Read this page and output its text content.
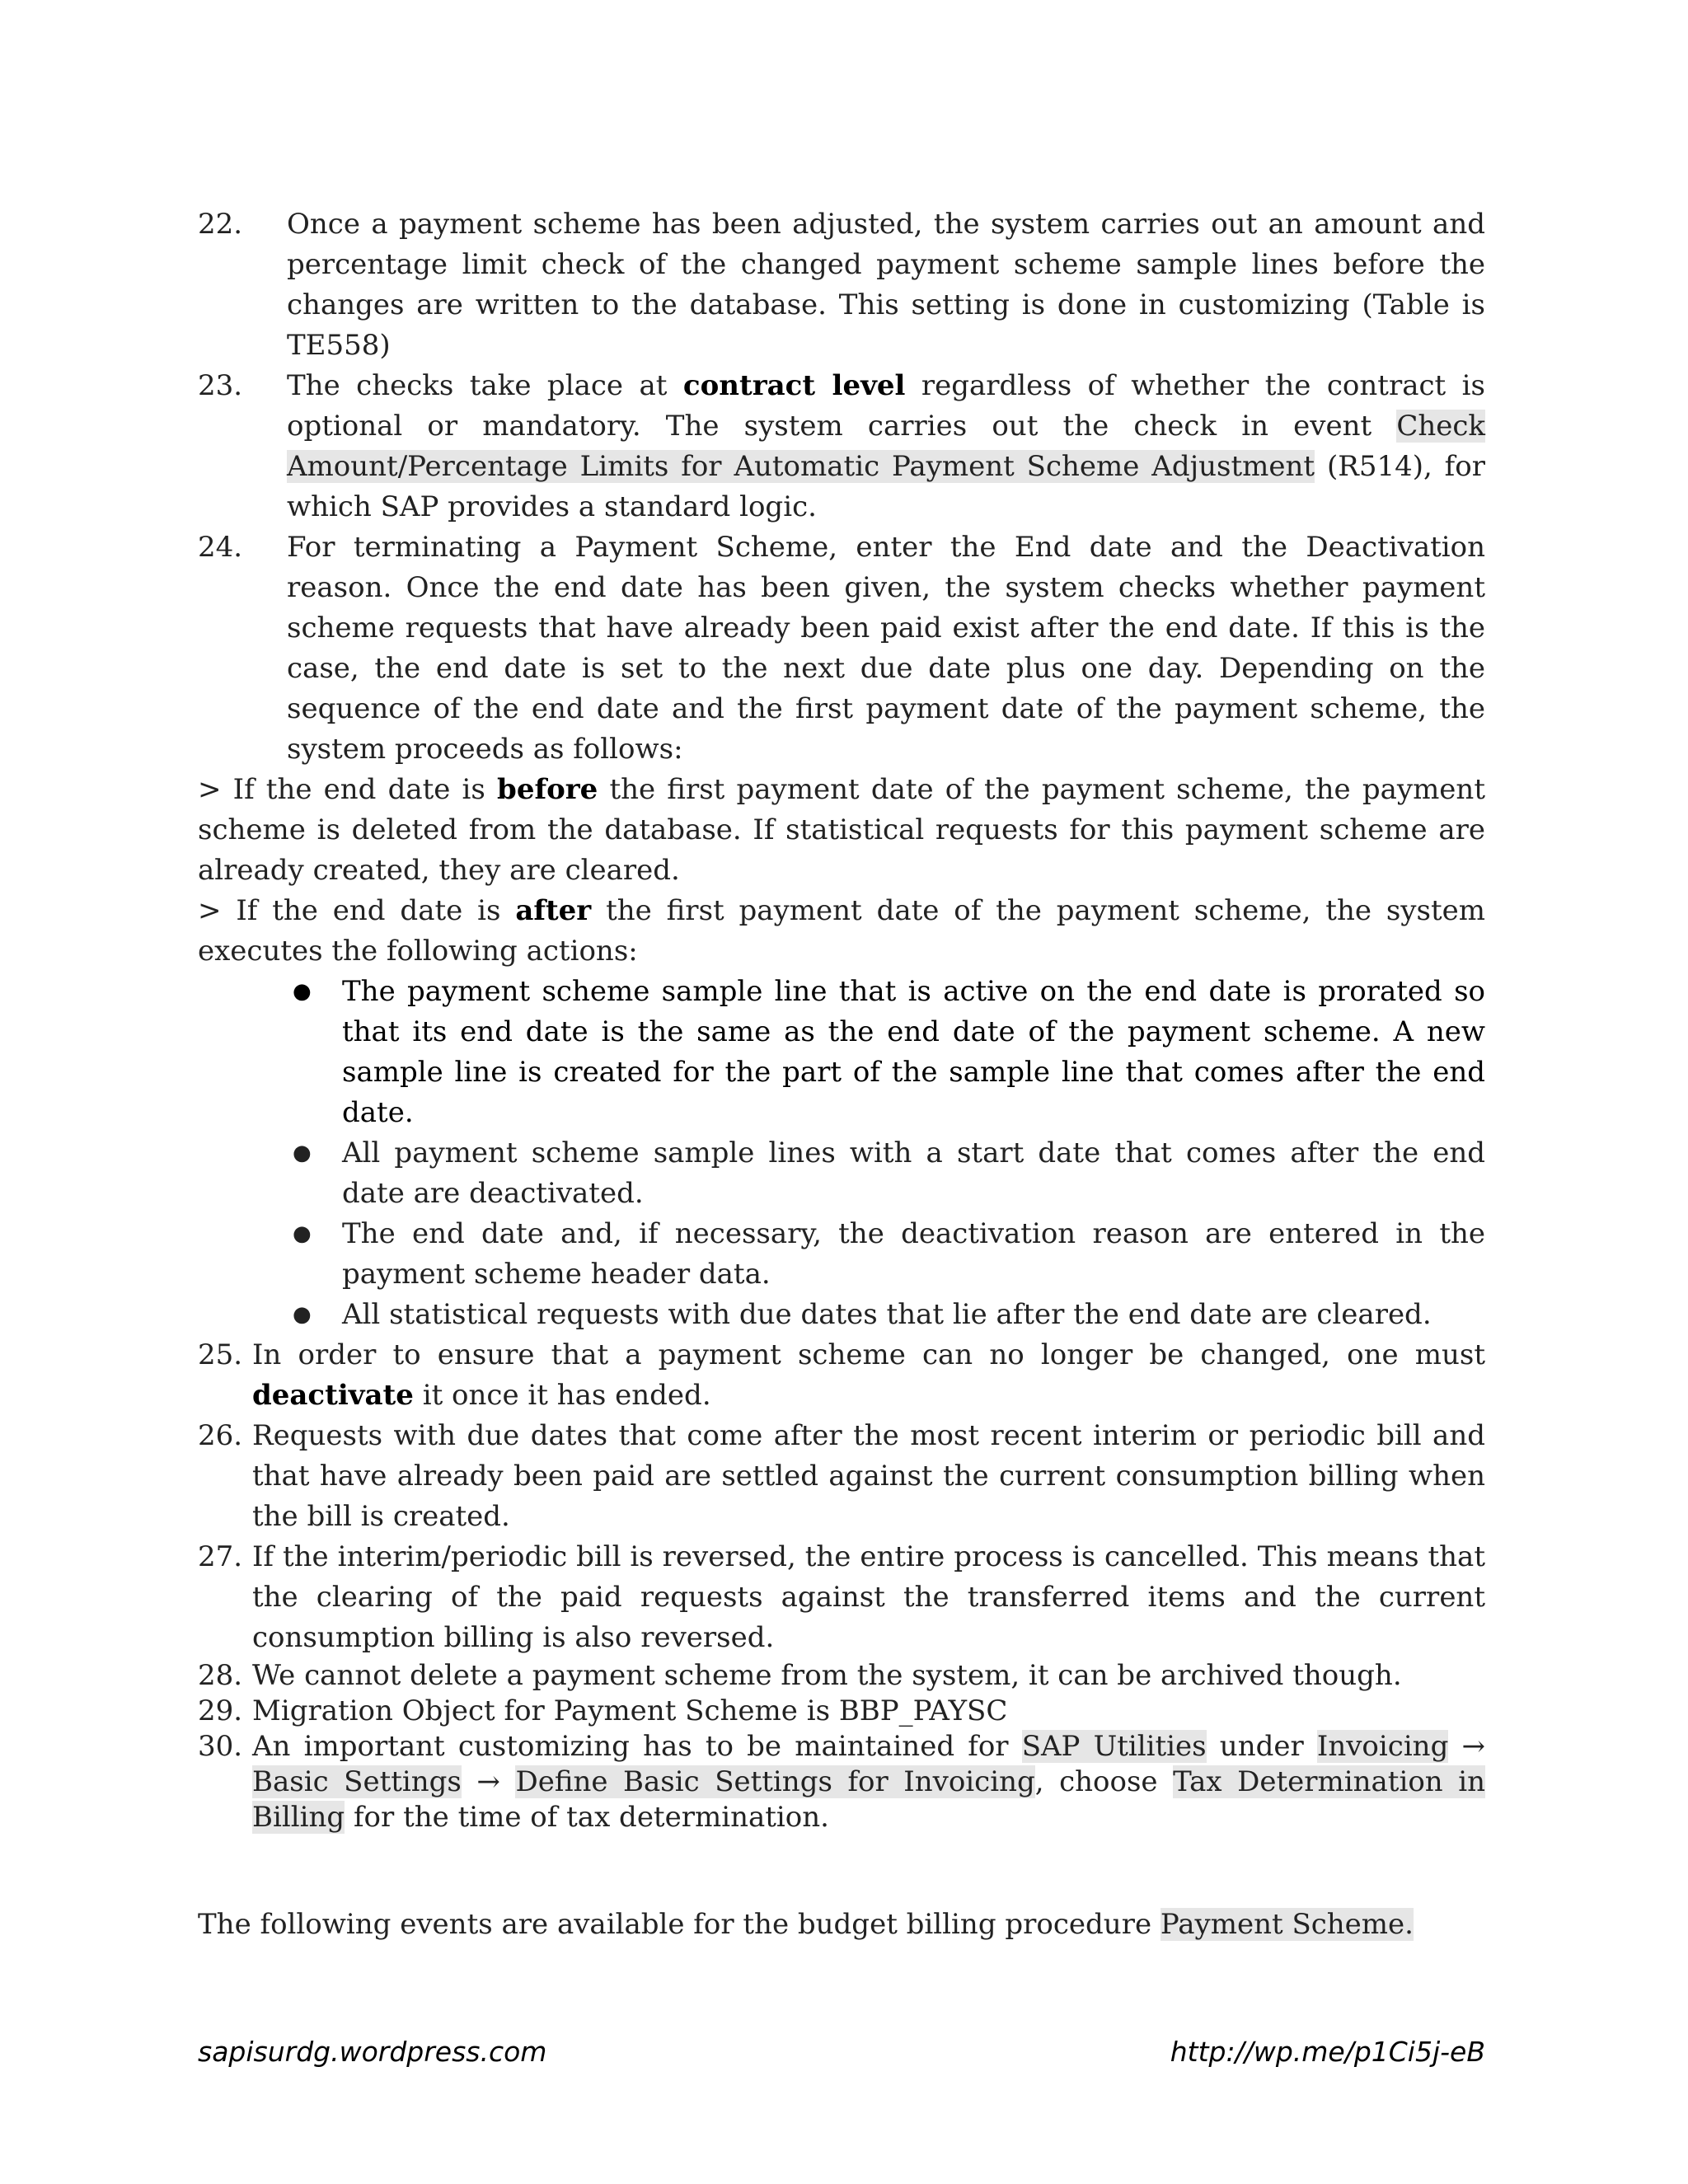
22.	Once a payment scheme has been adjusted, the system carries out an amount and percentage limit check of the changed payment scheme sample lines before the changes are written to the database. This setting is done in customizing (Table is TE558)
23.	The checks take place at contract level regardless of whether the contract is optional or mandatory. The system carries out the check in event Check Amount/Percentage Limits for Automatic Payment Scheme Adjustment (R514), for which SAP provides a standard logic.
24.	For terminating a Payment Scheme, enter the End date and the Deactivation reason. Once the end date has been given, the system checks whether payment scheme requests that have already been paid exist after the end date. If this is the case, the end date is set to the next due date plus one day. Depending on the sequence of the end date and the first payment date of the payment scheme, the system proceeds as follows:
> If the end date is before the first payment date of the payment scheme, the payment scheme is deleted from the database. If statistical requests for this payment scheme are already created, they are cleared.
> If the end date is after the first payment date of the payment scheme, the system executes the following actions:
●	The payment scheme sample line that is active on the end date is prorated so that its end date is the same as the end date of the payment scheme. A new sample line is created for the part of the sample line that comes after the end date.
●	All payment scheme sample lines with a start date that comes after the end date are deactivated.
●	The end date and, if necessary, the deactivation reason are entered in the payment scheme header data.
●	All statistical requests with due dates that lie after the end date are cleared.
25. In order to ensure that a payment scheme can no longer be changed, one must deactivate it once it has ended.
26. Requests with due dates that come after the most recent interim or periodic bill and that have already been paid are settled against the current consumption billing when the bill is created.
27. If the interim/periodic bill is reversed, the entire process is cancelled. This means that the clearing of the paid requests against the transferred items and the current consumption billing is also reversed.
28. We cannot delete a payment scheme from the system, it can be archived though.
29. Migration Object for Payment Scheme is BBP_PAYSC
30. An important customizing has to be maintained for SAP Utilities under Invoicing → Basic Settings → Define Basic Settings for Invoicing, choose Tax Determination in Billing for the time of tax determination.
The following events are available for the budget billing procedure Payment Scheme.
sapisurdg.wordpress.com	http://wp.me/p1Ci5j-eB
